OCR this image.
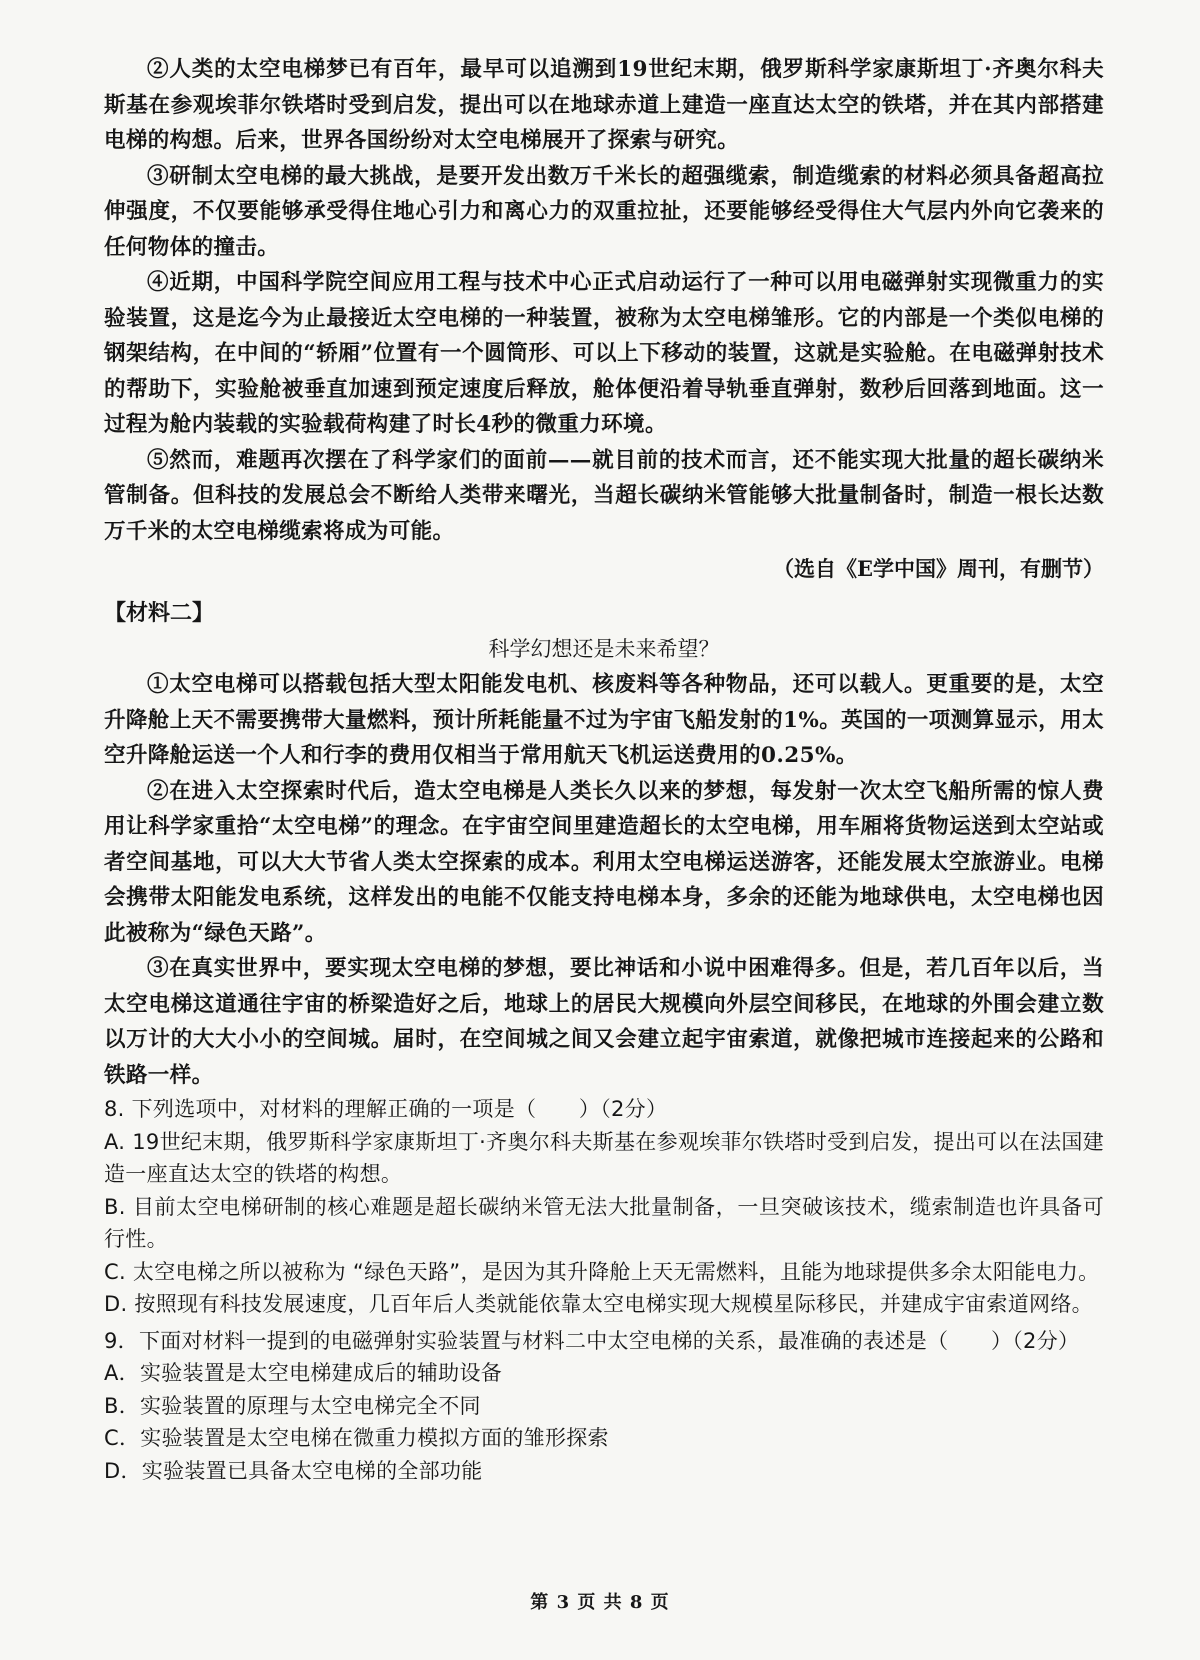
②人类的太空电梯梦已有百年，最早可以追溯到19世纪末期，俄罗斯科学家康斯坦丁·齐奥尔科夫斯基在参观埃菲尔铁塔时受到启发，提出可以在地球赤道上建造一座直达太空的铁塔，并在其内部搭建电梯的构想。后来，世界各国纷纷对太空电梯展开了探索与研究。

③研制太空电梯的最大挑战，是要开发出数万千米长的超强缆索，制造缆索的材料必须具备超高拉伸强度，不仅要能够承受得住地心引力和离心力的双重拉扯，还要能够经受得住大气层内外向它袭来的任何物体的撞击。

④近期，中国科学院空间应用工程与技术中心正式启动运行了一种可以用电磁弹射实现微重力的实验装置，这是迄今为止最接近太空电梯的一种装置，被称为太空电梯雏形。它的内部是一个类似电梯的钢架结构，在中间的“轿厢”位置有一个圆筒形、可以上下移动的装置，这就是实验舱。在电磁弹射技术的帮助下，实验舱被垂直加速到预定速度后释放，舱体便沿着导轨垂直弹射，数秒后回落到地面。这一过程为舱内装载的实验载荷构建了时长4秒的微重力环境。

⑤然而，难题再次摆在了科学家们的面前——就目前的技术而言，还不能实现大批量的超长碳纳米管制备。但科技的发展总会不断给人类带来曙光，当超长碳纳米管能够大批量制备时，制造一根长达数万千米的太空电梯缆索将成为可能。

（选自《E学中国》周刊，有删节）

【材料二】

科学幻想还是未来希望？

①太空电梯可以搭载包括大型太阳能发电机、核废料等各种物品，还可以载人。更重要的是，太空升降舱上天不需要携带大量燃料，预计所耗能量不过为宇宙飞船发射的1%。英国的一项测算显示，用太空升降舱运送一个人和行李的费用仅相当于常用航天飞机运送费用的0.25%。

②在进入太空探索时代后，造太空电梯是人类长久以来的梦想，每发射一次太空飞船所需的惊人费用让科学家重拾“太空电梯”的理念。在宇宙空间里建造超长的太空电梯，用车厢将货物运送到太空站或者空间基地，可以大大节省人类太空探索的成本。利用太空电梯运送游客，还能发展太空旅游业。电梯会携带太阳能发电系统，这样发出的电能不仅能支持电梯本身，多余的还能为地球供电，太空电梯也因此被称为“绿色天路”。

③在真实世界中，要实现太空电梯的梦想，要比神话和小说中困难得多。但是，若几百年以后，当太空电梯这道通往宇宙的桥梁造好之后，地球上的居民大规模向外层空间移民，在地球的外围会建立数以万计的大大小小的空间城。届时，在空间城之间又会建立起宇宙索道，就像把城市连接起来的公路和铁路一样。

8. 下列选项中，对材料的理解正确的一项是（　　）（2分）

A. 19世纪末期，俄罗斯科学家康斯坦丁·齐奥尔科夫斯基在参观埃菲尔铁塔时受到启发，提出可以在法国建造一座直达太空的铁塔的构想。

B. 目前太空电梯研制的核心难题是超长碳纳米管无法大批量制备，一旦突破该技术，缆索制造也许具备可行性。

C. 太空电梯之所以被称为 “绿色天路”，是因为其升降舱上天无需燃料，且能为地球提供多余太阳能电力。

D. 按照现有科技发展速度，几百年后人类就能依靠太空电梯实现大规模星际移民，并建成宇宙索道网络。

9．下面对材料一提到的电磁弹射实验装置与材料二中太空电梯的关系，最准确的表述是（　　）（2分）

A．实验装置是太空电梯建成后的辅助设备

B．实验装置的原理与太空电梯完全不同

C．实验装置是太空电梯在微重力模拟方面的雏形探索

D．实验装置已具备太空电梯的全部功能

第 3 页 共 8 页
